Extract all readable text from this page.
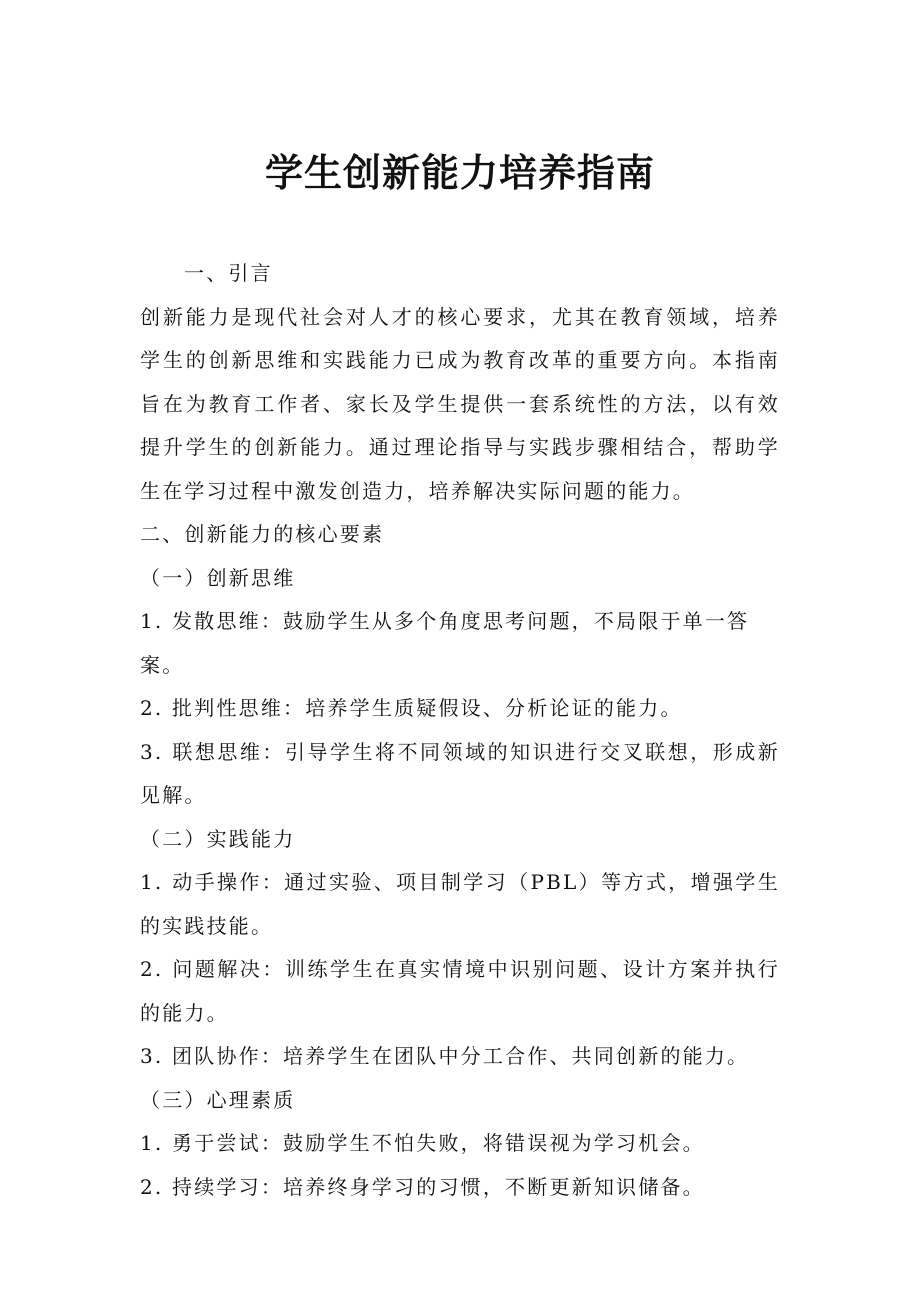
学生创新能力培养指南

一、引言

创新能力是现代社会对人才的核心要求，尤其在教育领域，培养学生的创新思维和实践能力已成为教育改革的重要方向。本指南旨在为教育工作者、家长及学生提供一套系统性的方法，以有效提升学生的创新能力。通过理论指导与实践步骤相结合，帮助学生在学习过程中激发创造力，培养解决实际问题的能力。

二、创新能力的核心要素

（一）创新思维

1. 发散思维：鼓励学生从多个角度思考问题，不局限于单一答案。

2. 批判性思维：培养学生质疑假设、分析论证的能力。

3. 联想思维：引导学生将不同领域的知识进行交叉联想，形成新见解。

（二）实践能力

1. 动手操作：通过实验、项目制学习（PBL）等方式，增强学生的实践技能。

2. 问题解决：训练学生在真实情境中识别问题、设计方案并执行的能力。

3. 团队协作：培养学生在团队中分工合作、共同创新的能力。

（三）心理素质

1. 勇于尝试：鼓励学生不怕失败，将错误视为学习机会。

2. 持续学习：培养终身学习的习惯，不断更新知识储备。
